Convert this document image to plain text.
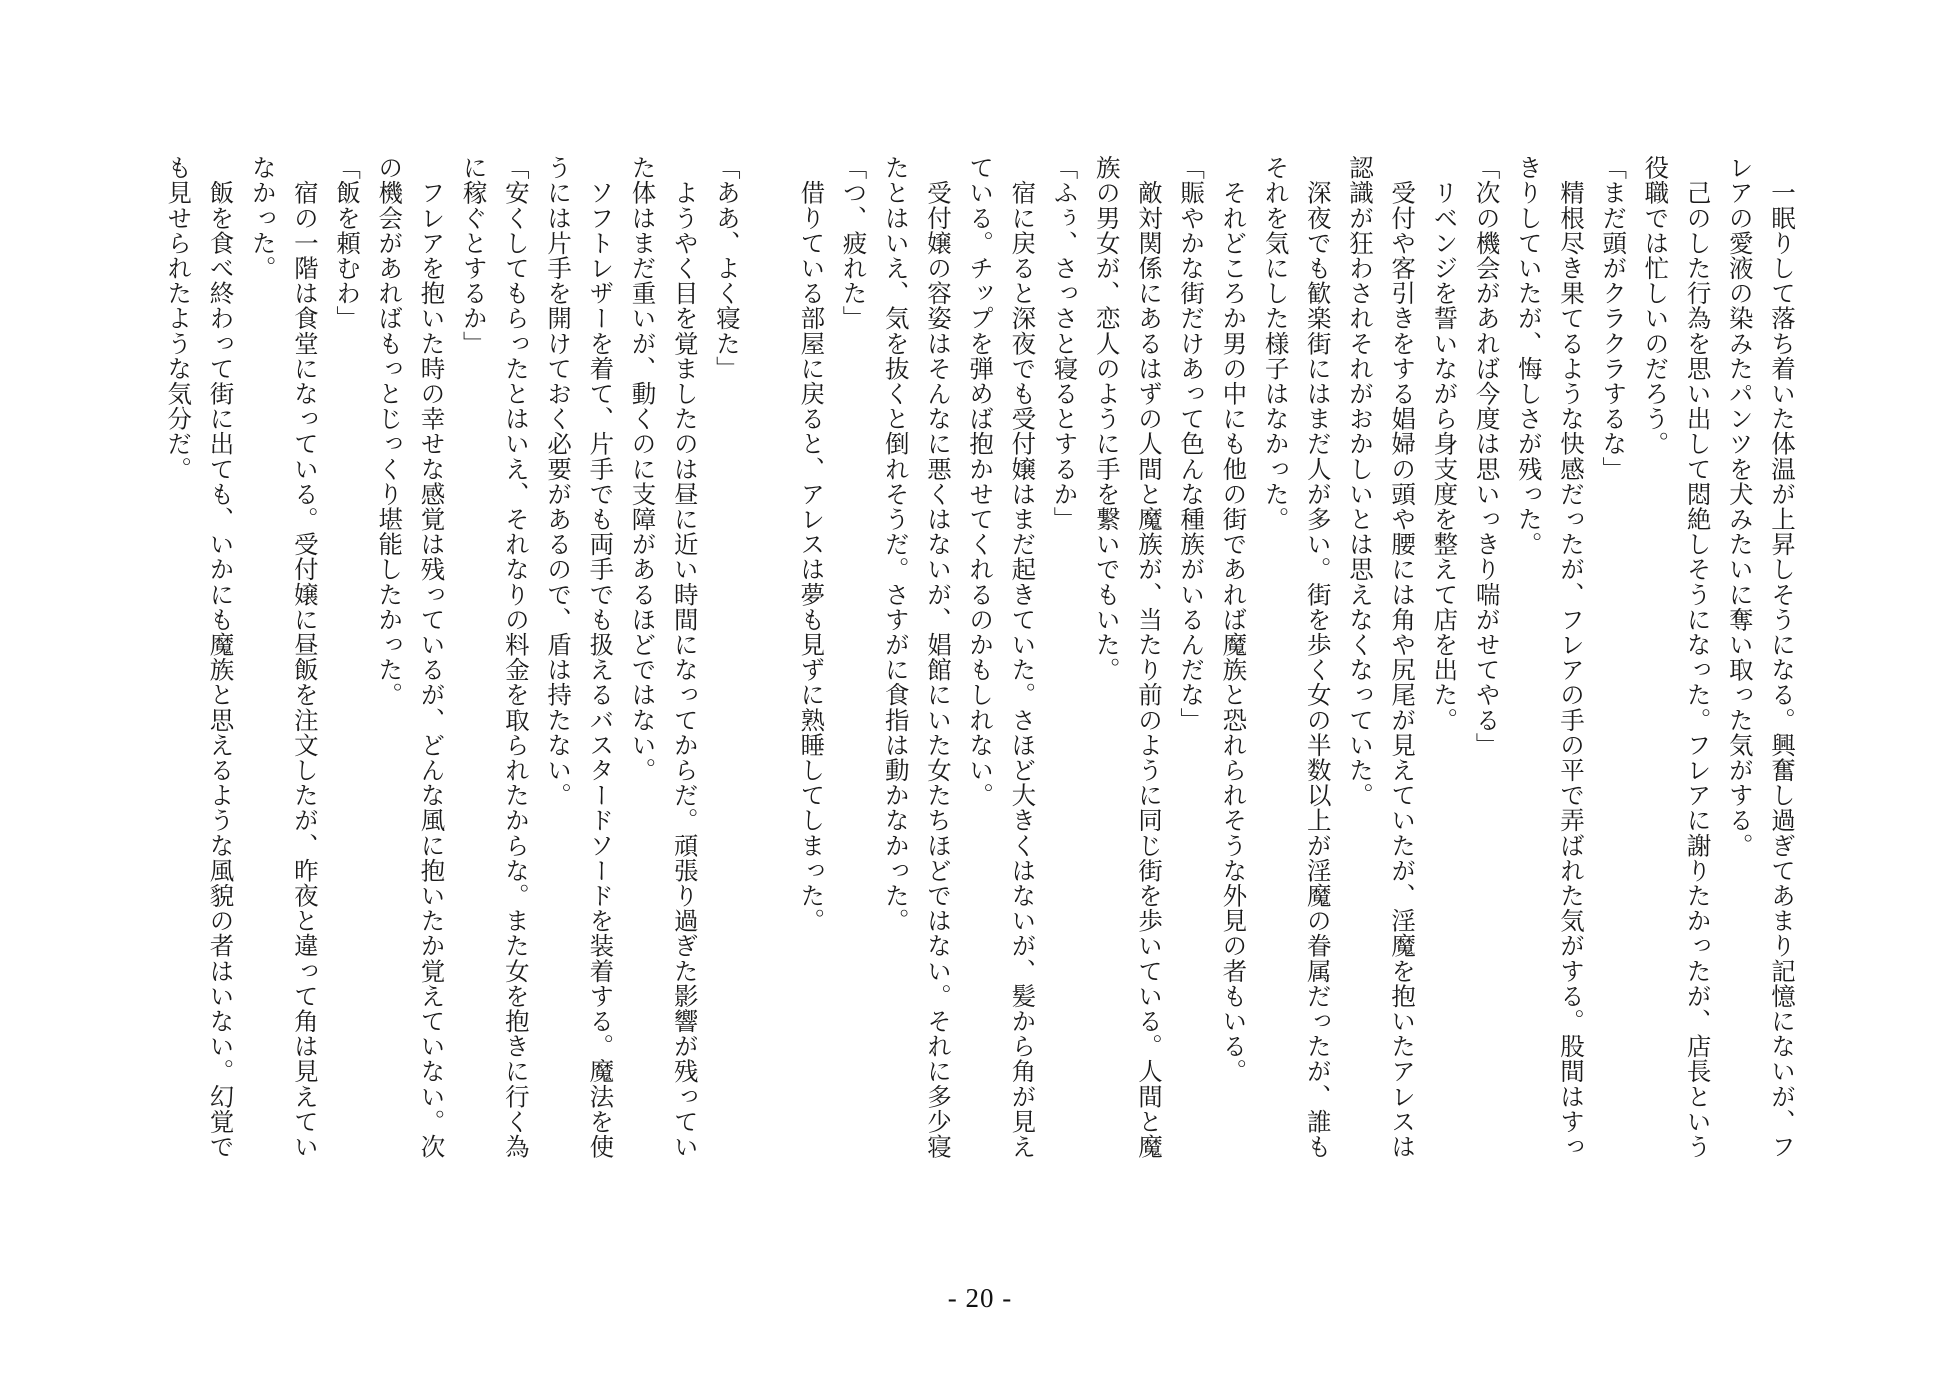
　一眠りして落ち着いた体温が上昇しそうになる。興奮し過ぎてあまり記憶にないが、フ
レアの愛液の染みたパンツを犬みたいに奪い取った気がする。
　己のした行為を思い出して悶絶しそうになった。フレアに謝りたかったが、店長という
役職では忙しいのだろう。
「まだ頭がクラクラするな」
　精根尽き果てるような快感だったが、フレアの手の平で弄ばれた気がする。股間はすっ
きりしていたが、悔しさが残った。
「次の機会があれば今度は思いっきり喘がせてやる」
　リベンジを誓いながら身支度を整えて店を出た。
　受付や客引きをする娼婦の頭や腰には角や尻尾が見えていたが、淫魔を抱いたアレスは
認識が狂わされそれがおかしいとは思えなくなっていた。
　深夜でも歓楽街にはまだ人が多い。街を歩く女の半数以上が淫魔の眷属だったが、誰も
それを気にした様子はなかった。
　それどころか男の中にも他の街であれば魔族と恐れられそうな外見の者もいる。
「賑やかな街だけあって色んな種族がいるんだな」
　敵対関係にあるはずの人間と魔族が、当たり前のように同じ街を歩いている。人間と魔
族の男女が、恋人のように手を繋いでもいた。
「ふぅ、さっさと寝るとするか」
　宿に戻ると深夜でも受付嬢はまだ起きていた。さほど大きくはないが、髪から角が見え
ている。チップを弾めば抱かせてくれるのかもしれない。
　受付嬢の容姿はそんなに悪くはないが、娼館にいた女たちほどではない。それに多少寝
たとはいえ、気を抜くと倒れそうだ。さすがに食指は動かなかった。
「つ、疲れた」
　借りている部屋に戻ると、アレスは夢も見ずに熟睡してしまった。
「ああ、よく寝た」
　ようやく目を覚ましたのは昼に近い時間になってからだ。頑張り過ぎた影響が残ってい
た体はまだ重いが、動くのに支障があるほどではない。
　ソフトレザーを着て、片手でも両手でも扱えるバスタードソードを装着する。魔法を使
うには片手を開けておく必要があるので、盾は持たない。
「安くしてもらったとはいえ、それなりの料金を取られたからな。また女を抱きに行く為
に稼ぐとするか」
　フレアを抱いた時の幸せな感覚は残っているが、どんな風に抱いたか覚えていない。次
の機会があればもっとじっくり堪能したかった。
「飯を頼むわ」
　宿の一階は食堂になっている。受付嬢に昼飯を注文したが、昨夜と違って角は見えてい
なかった。
　飯を食べ終わって街に出ても、いかにも魔族と思えるような風貌の者はいない。幻覚で
も見せられたような気分だ。
- 20 -
